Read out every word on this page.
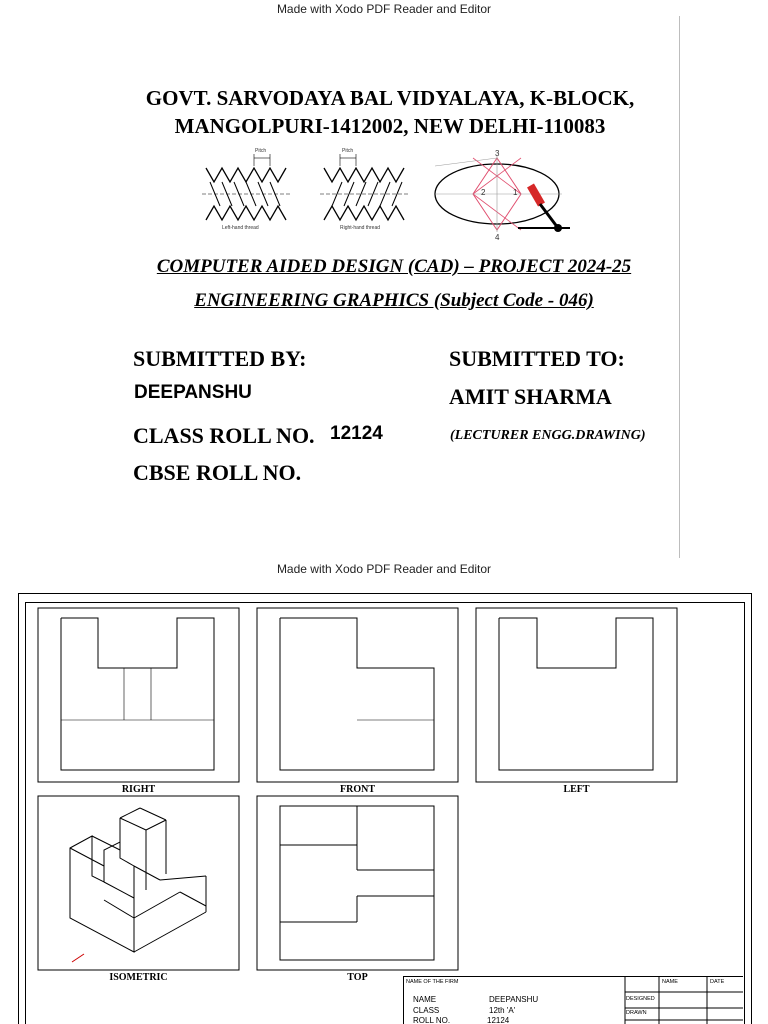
Made with Xodo PDF Reader and Editor
GOVT. SARVODAYA BAL VIDYALAYA, K-BLOCK,
MANGOLPURI-1412002, NEW DELHI-110083
Pitch	Pitch
Left-hand thread	Right-hand thread
1
2
3
4
COMPUTER AIDED DESIGN (CAD) – PROJECT 2024-25
ENGINEERING GRAPHICS (Subject Code - 046)
SUBMITTED BY:
DEEPANSHU
CLASS ROLL NO. 12124
CBSE ROLL NO.
SUBMITTED TO:
AMIT SHARMA
(LECTURER ENGG.DRAWING)
Made with Xodo PDF Reader and Editor
RIGHT	FRONT	LEFT
ISOMETRIC	TOP	NAME OF THE FIRM	NAME	DATE
DESIGNED
DRAWN
NAME	DEEPANSHU
CLASS	12th 'A'
ROLL NO.	12124
